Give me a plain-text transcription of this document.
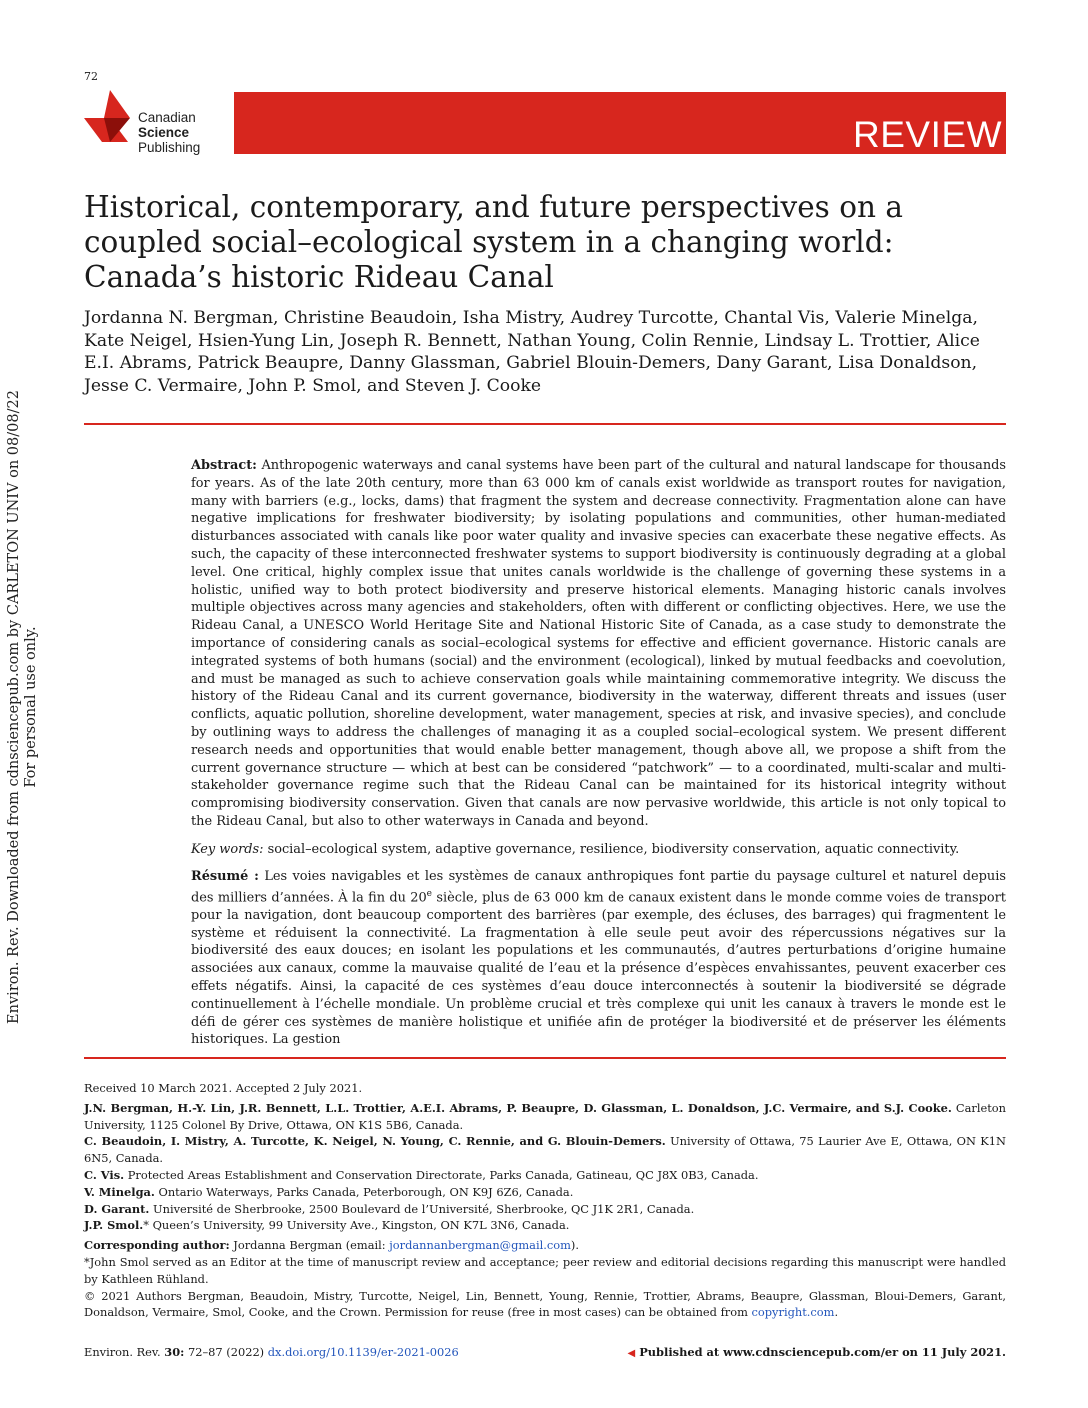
72
Canadian
Science
Publishing	REVIEW
Historical, contemporary, and future perspectives on a coupled social–ecological system in a changing world: Canada’s historic Rideau Canal

Jordanna N. Bergman, Christine Beaudoin, Isha Mistry, Audrey Turcotte, Chantal Vis, Valerie Minelga, Kate Neigel, Hsien-Yung Lin, Joseph R. Bennett, Nathan Young, Colin Rennie, Lindsay L. Trottier, Alice E.I. Abrams, Patrick Beaupre, Danny Glassman, Gabriel Blouin-Demers, Dany Garant, Lisa Donaldson, Jesse C. Vermaire, John P. Smol, and Steven J. Cooke

Environ. Rev. Downloaded from cdnsciencepub.com by CARLETON UNIV on 08/08/22 For personal use only.

Abstract: Anthropogenic waterways and canal systems have been part of the cultural and natural landscape for thousands for years. As of the late 20th century, more than 63 000 km of canals exist worldwide as transport routes for navigation, many with barriers (e.g., locks, dams) that fragment the system and decrease connectivity. Fragmentation alone can have negative implications for freshwater biodiversity; by isolating populations and communities, other human-mediated disturbances associated with canals like poor water quality and invasive species can exacerbate these negative effects. As such, the capacity of these interconnected freshwater systems to support biodiversity is continuously degrading at a global level. One critical, highly complex issue that unites canals worldwide is the challenge of governing these systems in a holistic, unified way to both protect biodiversity and preserve historical elements. Managing historic canals involves multiple objectives across many agencies and stakeholders, often with different or conflicting objectives. Here, we use the Rideau Canal, a UNESCO World Heritage Site and National Historic Site of Canada, as a case study to demonstrate the importance of considering canals as social–ecological systems for effective and efficient governance. Historic canals are integrated systems of both humans (social) and the environment (ecological), linked by mutual feedbacks and coevolution, and must be managed as such to achieve conservation goals while maintaining commemorative integrity. We discuss the history of the Rideau Canal and its current governance, biodiversity in the waterway, different threats and issues (user conflicts, aquatic pollution, shoreline development, water management, species at risk, and invasive species), and conclude by outlining ways to address the challenges of managing it as a coupled social–ecological system. We present different research needs and opportunities that would enable better management, though above all, we propose a shift from the current governance structure — which at best can be considered “patchwork” — to a coordinated, multi-scalar and multi-stakeholder governance regime such that the Rideau Canal can be maintained for its historical integrity without compromising biodiversity conservation. Given that canals are now pervasive worldwide, this article is not only topical to the Rideau Canal, but also to other waterways in Canada and beyond.

Key words: social–ecological system, adaptive governance, resilience, biodiversity conservation, aquatic connectivity.

Résumé : Les voies navigables et les systèmes de canaux anthropiques font partie du paysage culturel et naturel depuis des milliers d’années. À la fin du 20e siècle, plus de 63 000 km de canaux existent dans le monde comme voies de transport pour la navigation, dont beaucoup comportent des barrières (par exemple, des écluses, des barrages) qui fragmentent le système et réduisent la connectivité. La fragmentation à elle seule peut avoir des répercussions négatives sur la biodiversité des eaux douces; en isolant les populations et les communautés, d’autres perturbations d’origine humaine associées aux canaux, comme la mauvaise qualité de l’eau et la présence d’espèces envahissantes, peuvent exacerber ces effets négatifs. Ainsi, la capacité de ces systèmes d’eau douce interconnectés à soutenir la biodiversité se dégrade continuellement à l’échelle mondiale. Un problème crucial et très complexe qui unit les canaux à travers le monde est le défi de gérer ces systèmes de manière holistique et unifiée afin de protéger la biodiversité et de préserver les éléments historiques. La gestion

Received 10 March 2021. Accepted 2 July 2021.

J.N. Bergman, H.-Y. Lin, J.R. Bennett, L.L. Trottier, A.E.I. Abrams, P. Beaupre, D. Glassman, L. Donaldson, J.C. Vermaire, and S.J. Cooke. Carleton University, 1125 Colonel By Drive, Ottawa, ON K1S 5B6, Canada.

C. Beaudoin, I. Mistry, A. Turcotte, K. Neigel, N. Young, C. Rennie, and G. Blouin-Demers. University of Ottawa, 75 Laurier Ave E, Ottawa, ON K1N 6N5, Canada.

C. Vis. Protected Areas Establishment and Conservation Directorate, Parks Canada, Gatineau, QC J8X 0B3, Canada.

V. Minelga. Ontario Waterways, Parks Canada, Peterborough, ON K9J 6Z6, Canada.

D. Garant. Université de Sherbrooke, 2500 Boulevard de l’Université, Sherbrooke, QC J1K 2R1, Canada.

J.P. Smol.* Queen’s University, 99 University Ave., Kingston, ON K7L 3N6, Canada.

Corresponding author: Jordanna Bergman (email: jordannanbergman@gmail.com).

*John Smol served as an Editor at the time of manuscript review and acceptance; peer review and editorial decisions regarding this manuscript were handled by Kathleen Rühland.

© 2021 Authors Bergman, Beaudoin, Mistry, Turcotte, Neigel, Lin, Bennett, Young, Rennie, Trottier, Abrams, Beaupre, Glassman, Bloui-Demers, Garant, Donaldson, Vermaire, Smol, Cooke, and the Crown. Permission for reuse (free in most cases) can be obtained from copyright.com.

Environ. Rev. 30: 72–87 (2022) dx.doi.org/10.1139/er-2021-0026	◀ Published at www.cdnsciencepub.com/er on 11 July 2021.
